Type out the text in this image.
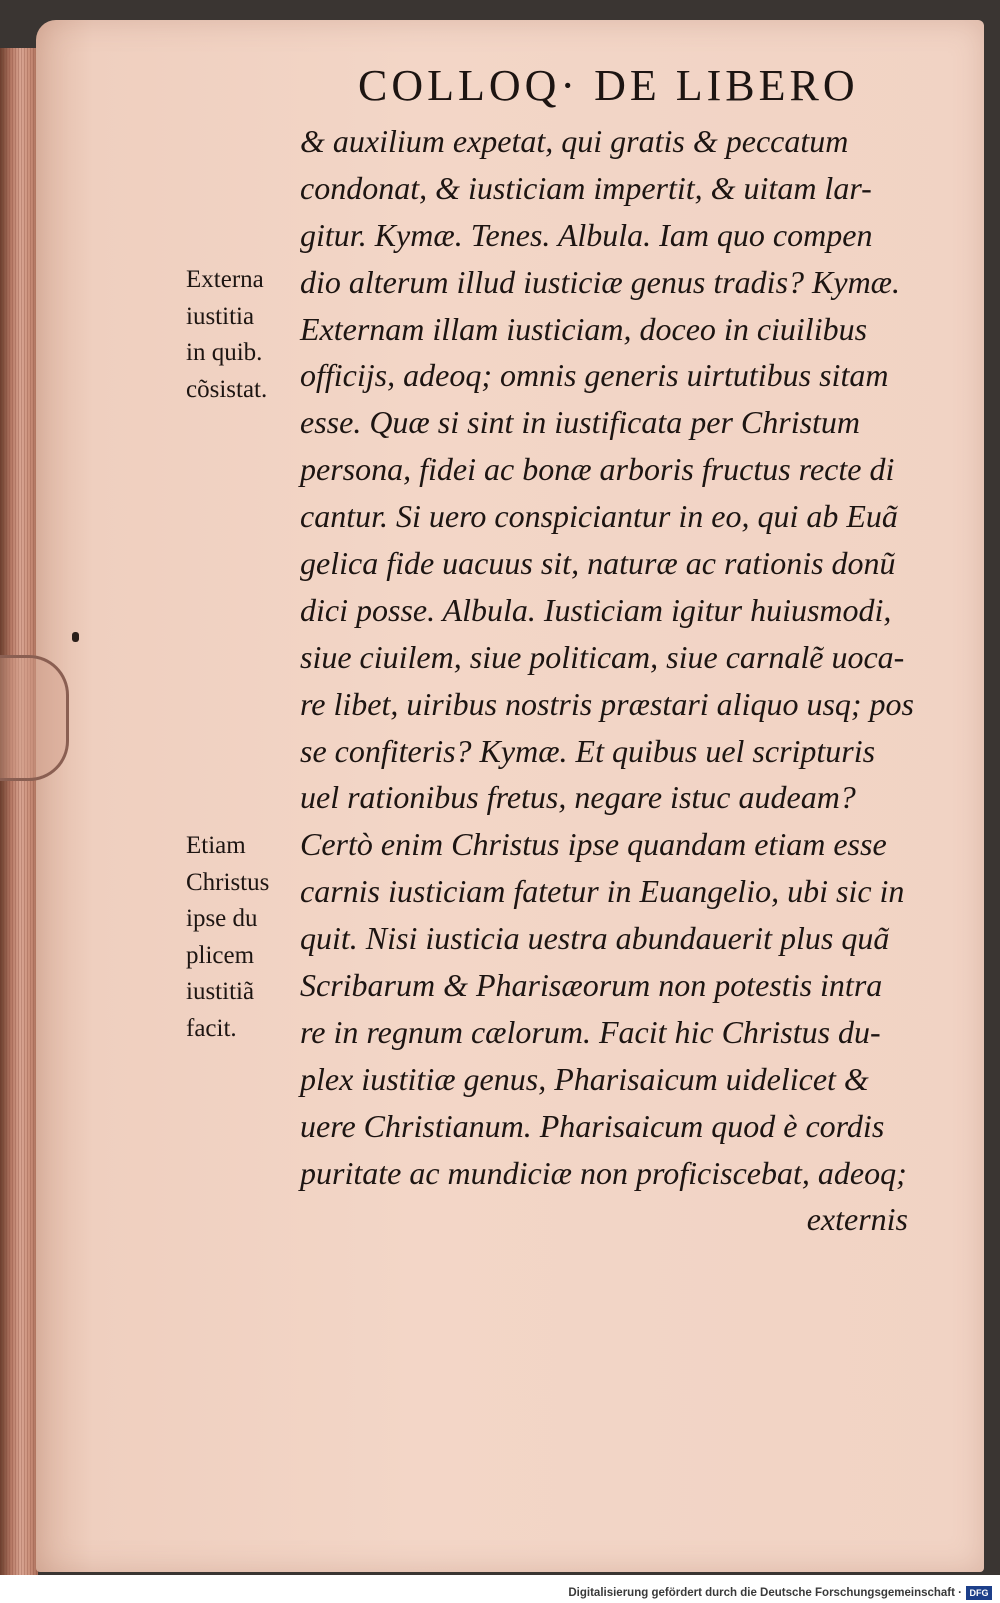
COLLOQ· DE LIBERO
Externa
iustitia
in quib.
cõsistat.
Etiam
Christus
ipse du
plicem
iustitiã
facit.
& auxilium expetat, qui gratis & peccatum
condonat, & iusticiam impertit, & uitam lar-
gitur. Kymæ. Tenes. Albula. Iam quo compen
dio alterum illud iusticiæ genus tradis? Kymæ.
Externam illam iusticiam, doceo in ciuilibus
officijs, adeoq; omnis generis uirtutibus sitam
esse. Quæ si sint in iustificata per Christum
persona, fidei ac bonæ arboris fructus recte di
cantur. Si uero conspiciantur in eo, qui ab Euã
gelica fide uacuus sit, naturæ ac rationis donũ
dici posse. Albula. Iusticiam igitur huiusmodi,
siue ciuilem, siue politicam, siue carnalẽ uoca-
re libet, uiribus nostris præstari aliquo usq; pos
se confiteris? Kymæ. Et quibus uel scripturis
uel rationibus fretus, negare istuc audeam?
Certò enim Christus ipse quandam etiam esse
carnis iusticiam fatetur in Euangelio, ubi sic in
quit. Nisi iusticia uestra abundauerit plus quã
Scribarum & Pharisæorum non potestis intra
re in regnum cælorum. Facit hic Christus du-
plex iustitiæ genus, Pharisaicum uidelicet &
uere Christianum. Pharisaicum quod è cordis
puritate ac mundiciæ non proficiscebat, adeoq;
externis
Digitalisierung gefördert durch die Deutsche Forschungsgemeinschaft · DFG
